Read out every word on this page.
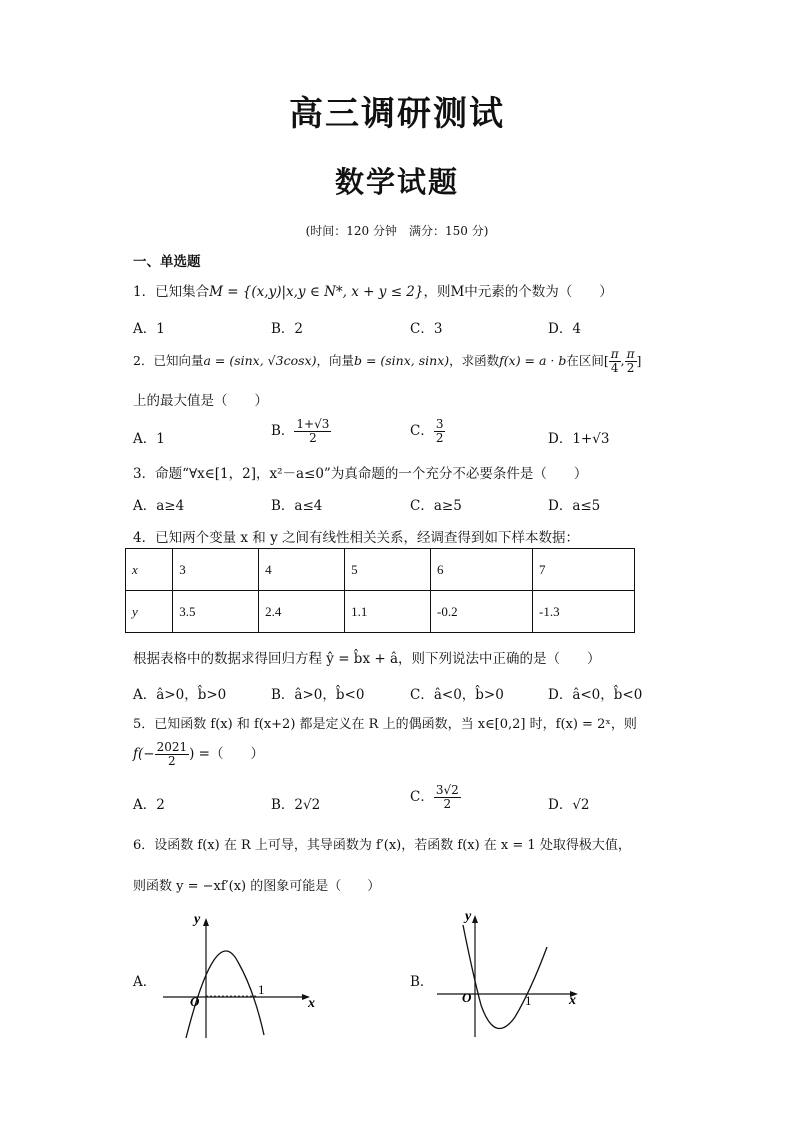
高三调研测试
数学试题
(时间：120 分钟　满分：150 分)
一、单选题
1．已知集合M = {(x,y)|x,y ∈ N*, x + y ≤ 2}，则M中元素的个数为（　　）
A．1	B．2	C．3	D．4
2．已知向量a = (sinx, √3cosx)，向量b = (sinx, sinx)，求函数f(x) = a · b在区间[ $\frac{\pi}{4}$ , $\frac{\pi}{2}$ ]
上的最大值是（　　）
A．1	B． $\frac{1+√3}{2}$	C． $\frac{3}{2}$	D．1+√3
3．命题“∀x∈[1，2]，x²－a≤0”为真命题的一个充分不必要条件是（　　）
A．a≥4	B．a≤4	C．a≥5	D．a≤5
4．已知两个变量 x 和 y 之间有线性相关关系，经调查得到如下样本数据：
x	3	4	5	6	7
y	3.5	2.4	1.1	-0.2	-1.3
根据表格中的数据求得回归方程 ŷ = b̂x + â，则下列说法中正确的是（　　）
A．â>0，b̂>0	B．â>0，b̂<0	C．â<0，b̂>0	D．â<0，b̂<0
5．已知函数 f(x) 和 f(x+2) 都是定义在 R 上的偶函数，当 x∈[0,2] 时，f(x) = 2ˣ，则
$f(- \frac{2021}{2}$ ) =（　　）
A．2	B．2√2	C． $\frac{3√2}{2}$	D．√2
6．设函数 f(x) 在 R 上可导，其导函数为 f′(x)，若函数 f(x) 在 x = 1 处取得极大值，
则函数 y = −xf′(x) 的图象可能是（　　）
A．
y
x
O
1	B．
y
x
O	1
